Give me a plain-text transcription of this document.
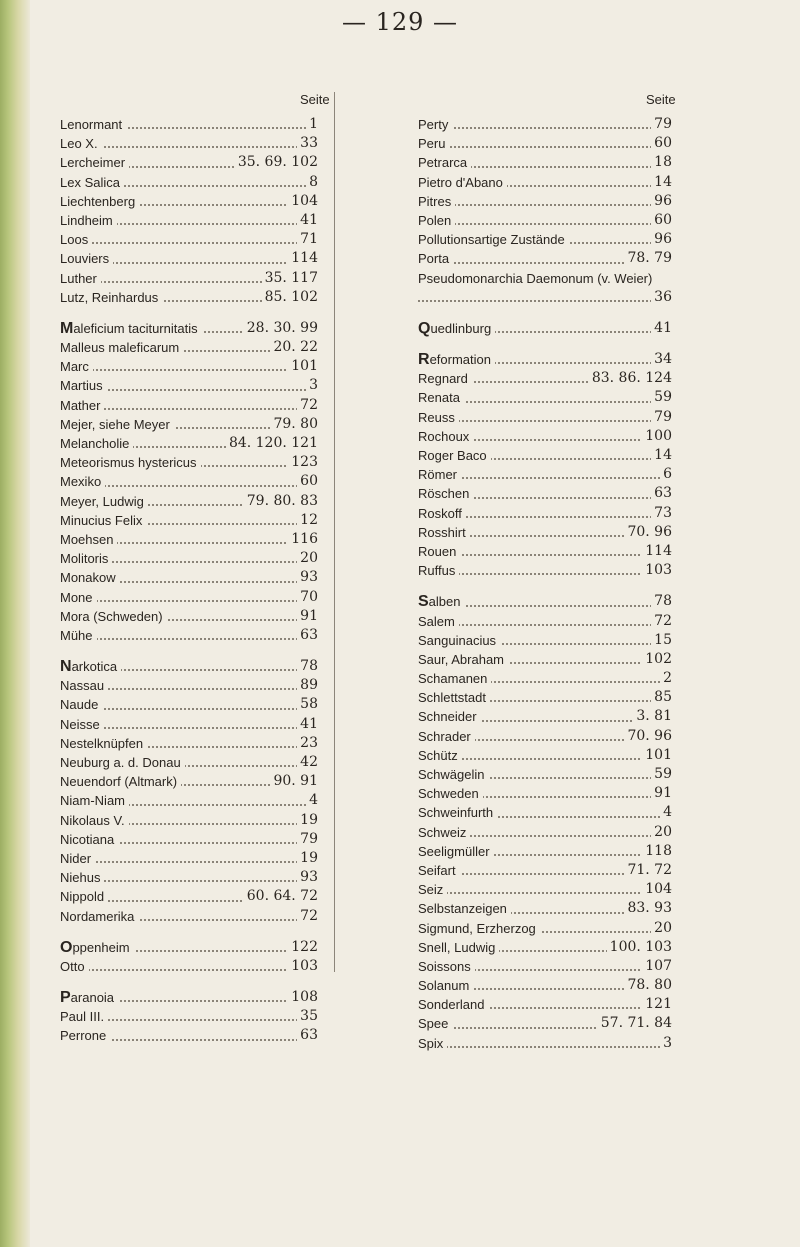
— 129 —
Seite	Seite
Lenormant	1
Leo X.	33
Lercheimer	35. 69. 102
Lex Salica	8
Liechtenberg	104
Lindheim	41
Loos	71
Louviers	114
Luther	35. 117
Lutz, Reinhardus	85. 102
Maleficium taciturnitatis	28. 30. 99
Malleus maleficarum	20. 22
Marc	101
Martius	3
Mather	72
Mejer, siehe Meyer	79. 80
Melancholie	84. 120. 121
Meteorismus hystericus	123
Mexiko	60
Meyer, Ludwig	79. 80. 83
Minucius Felix	12
Moehsen	116
Molitoris	20
Monakow	93
Mone	70
Mora (Schweden)	91
Mühe	63
Narkotica	78
Nassau	89
Naude	58
Neisse	41
Nestelknüpfen	23
Neuburg a. d. Donau	42
Neuendorf (Altmark)	90. 91
Niam-Niam	4
Nikolaus V.	19
Nicotiana	79
Nider	19
Niehus	93
Nippold	60. 64. 72
Nordamerika	72
Oppenheim	122
Otto	103
Paranoia	108
Paul III.	35
Perrone	63
Perty	79
Peru	60
Petrarca	18
Pietro d'Abano	14
Pitres	96
Polen	60
Pollutionsartige Zustände	96
Porta	78. 79
Pseudomonarchia Daemonum (v. Weier)
36
Quedlinburg	41
Reformation	34
Regnard	83. 86. 124
Renata	59
Reuss	79
Rochoux	100
Roger Baco	14
Römer	6
Röschen	63
Roskoff	73
Rosshirt	70. 96
Rouen	114
Ruffus	103
Salben	78
Salem	72
Sanguinacius	15
Saur, Abraham	102
Schamanen	2
Schlettstadt	85
Schneider	3. 81
Schrader	70. 96
Schütz	101
Schwägelin	59
Schweden	91
Schweinfurth	4
Schweiz	20
Seeligmüller	118
Seifart	71. 72
Seiz	104
Selbstanzeigen	83. 93
Sigmund, Erzherzog	20
Snell, Ludwig	100. 103
Soissons	107
Solanum	78. 80
Sonderland	121
Spee	57. 71. 84
Spix	3
